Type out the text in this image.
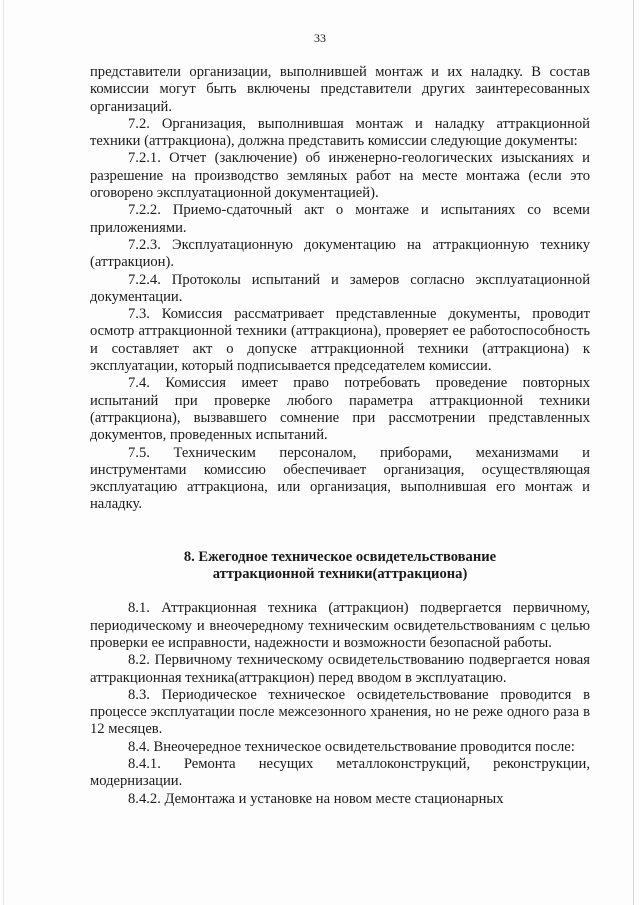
33

представители организации, выполнившей монтаж и их наладку. В состав комиссии могут быть включены представители других заинтересованных организаций.

7.2. Организация, выполнившая монтаж и наладку аттракционной техники (аттракциона), должна представить комиссии следующие документы:

7.2.1. Отчет (заключение) об инженерно-геологических изысканиях и разрешение на производство земляных работ на месте монтажа (если это оговорено эксплуатационной документацией).

7.2.2. Приемо-сдаточный акт о монтаже и испытаниях со всеми приложениями.

7.2.3. Эксплуатационную документацию на аттракционную технику (аттракцион).

7.2.4. Протоколы испытаний и замеров согласно эксплуатационной документации.

7.3. Комиссия рассматривает представленные документы, проводит осмотр аттракционной техники (аттракциона), проверяет ее работоспособность и составляет акт о допуске аттракционной техники (аттракциона) к эксплуатации, который подписывается председателем комиссии.

7.4. Комиссия имеет право потребовать проведение повторных испытаний при проверке любого параметра аттракционной техники (аттракциона), вызвавшего сомнение при рассмотрении представленных документов, проведенных испытаний.

7.5. Техническим персоналом, приборами, механизмами и инструментами комиссию обеспечивает организация, осуществляющая эксплуатацию аттракциона, или организация, выполнившая его монтаж и наладку.

8. Ежегодное техническое освидетельствование
аттракционной техники(аттракциона)

8.1. Аттракционная техника (аттракцион) подвергается первичному, периодическому и внеочередному техническим освидетельствованиям с целью проверки ее исправности, надежности и возможности безопасной работы.

8.2. Первичному техническому освидетельствованию подвергается новая аттракционная техника(аттракцион) перед вводом в эксплуатацию.

8.3. Периодическое техническое освидетельствование проводится в процессе эксплуатации после межсезонного хранения, но не реже одного раза в 12 месяцев.

8.4. Внеочередное техническое освидетельствование проводится после:

8.4.1. Ремонта несущих металлоконструкций, реконструкции, модернизации.

8.4.2. Демонтажа и установке на новом месте стационарных
